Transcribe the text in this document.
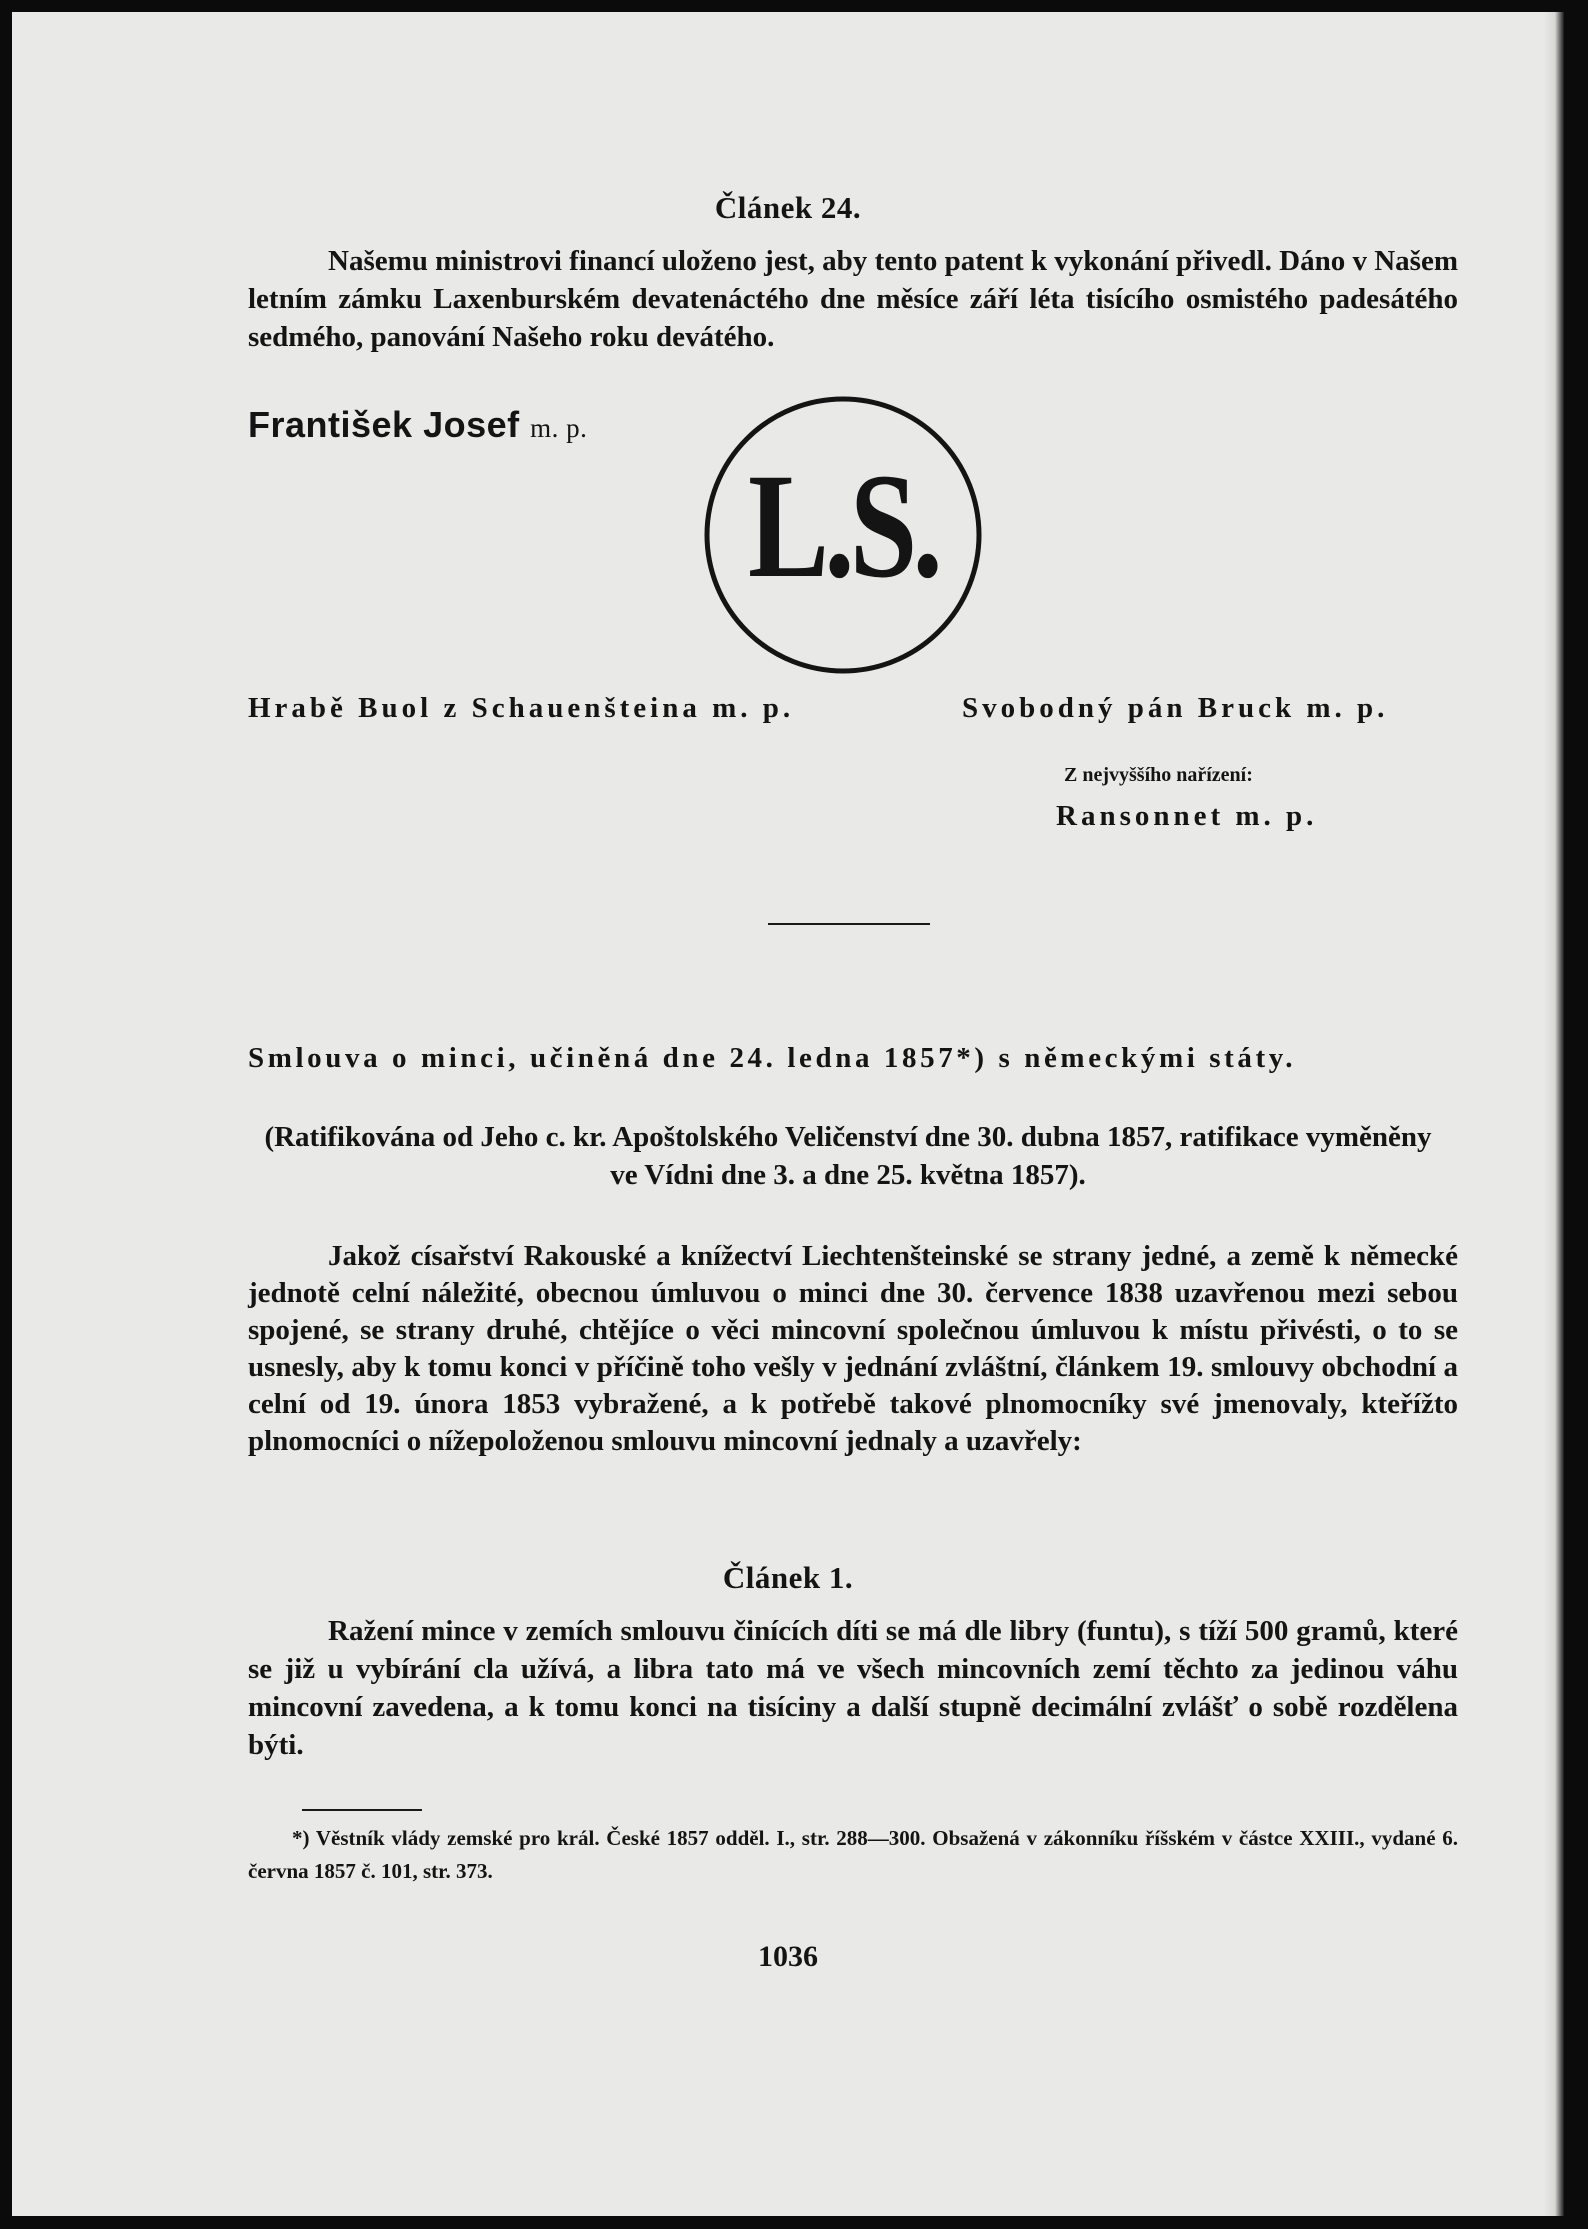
Článek 24.

Našemu ministrovi financí uloženo jest, aby tento patent k vykonání přivedl. Dáno v Našem letním zámku Laxenburském devatenáctého dne měsíce září léta tisícího osmistého padesátého sedmého, panování Našeho roku devátého.

František Josef m. p.
L.S.
Hrabě Buol z Schauenšteina m. p.	Svobodný pán Bruck m. p.
Z nejvyššího nařízení:
Ransonnet m. p.
Smlouva o minci, učiněná dne 24. ledna 1857*) s německými státy.

(Ratifikována od Jeho c. kr. Apoštolského Veličenství dne 30. dubna 1857, ratifikace vyměněny ve Vídni dne 3. a dne 25. května 1857).

Jakož císařství Rakouské a knížectví Liechtenšteinské se strany jedné, a země k německé jednotě celní náležité, obecnou úmluvou o minci dne 30. července 1838 uzavřenou mezi sebou spojené, se strany druhé, chtějíce o věci mincovní společnou úmluvou k místu přivésti, o to se usnesly, aby k tomu konci v příčině toho vešly v jednání zvláštní, článkem 19. smlouvy obchodní a celní od 19. února 1853 vybražené, a k potřebě takové plnomocníky své jmenovaly, kteřížto plnomocníci o nížepoloženou smlouvu mincovní jednaly a uzavřely:

Článek 1.

Ražení mince v zemích smlouvu činících díti se má dle libry (funtu), s tíží 500 gramů, které se již u vybírání cla užívá, a libra tato má ve všech mincovních zemí těchto za jedinou váhu mincovní zavedena, a k tomu konci na tisíciny a další stupně decimální zvlášť o sobě rozdělena býti.

*) Věstník vlády zemské pro král. České 1857 odděl. I., str. 288—300. Obsažená v zákonníku říšském v částce XXIII., vydané 6. června 1857 č. 101, str. 373.

1036
